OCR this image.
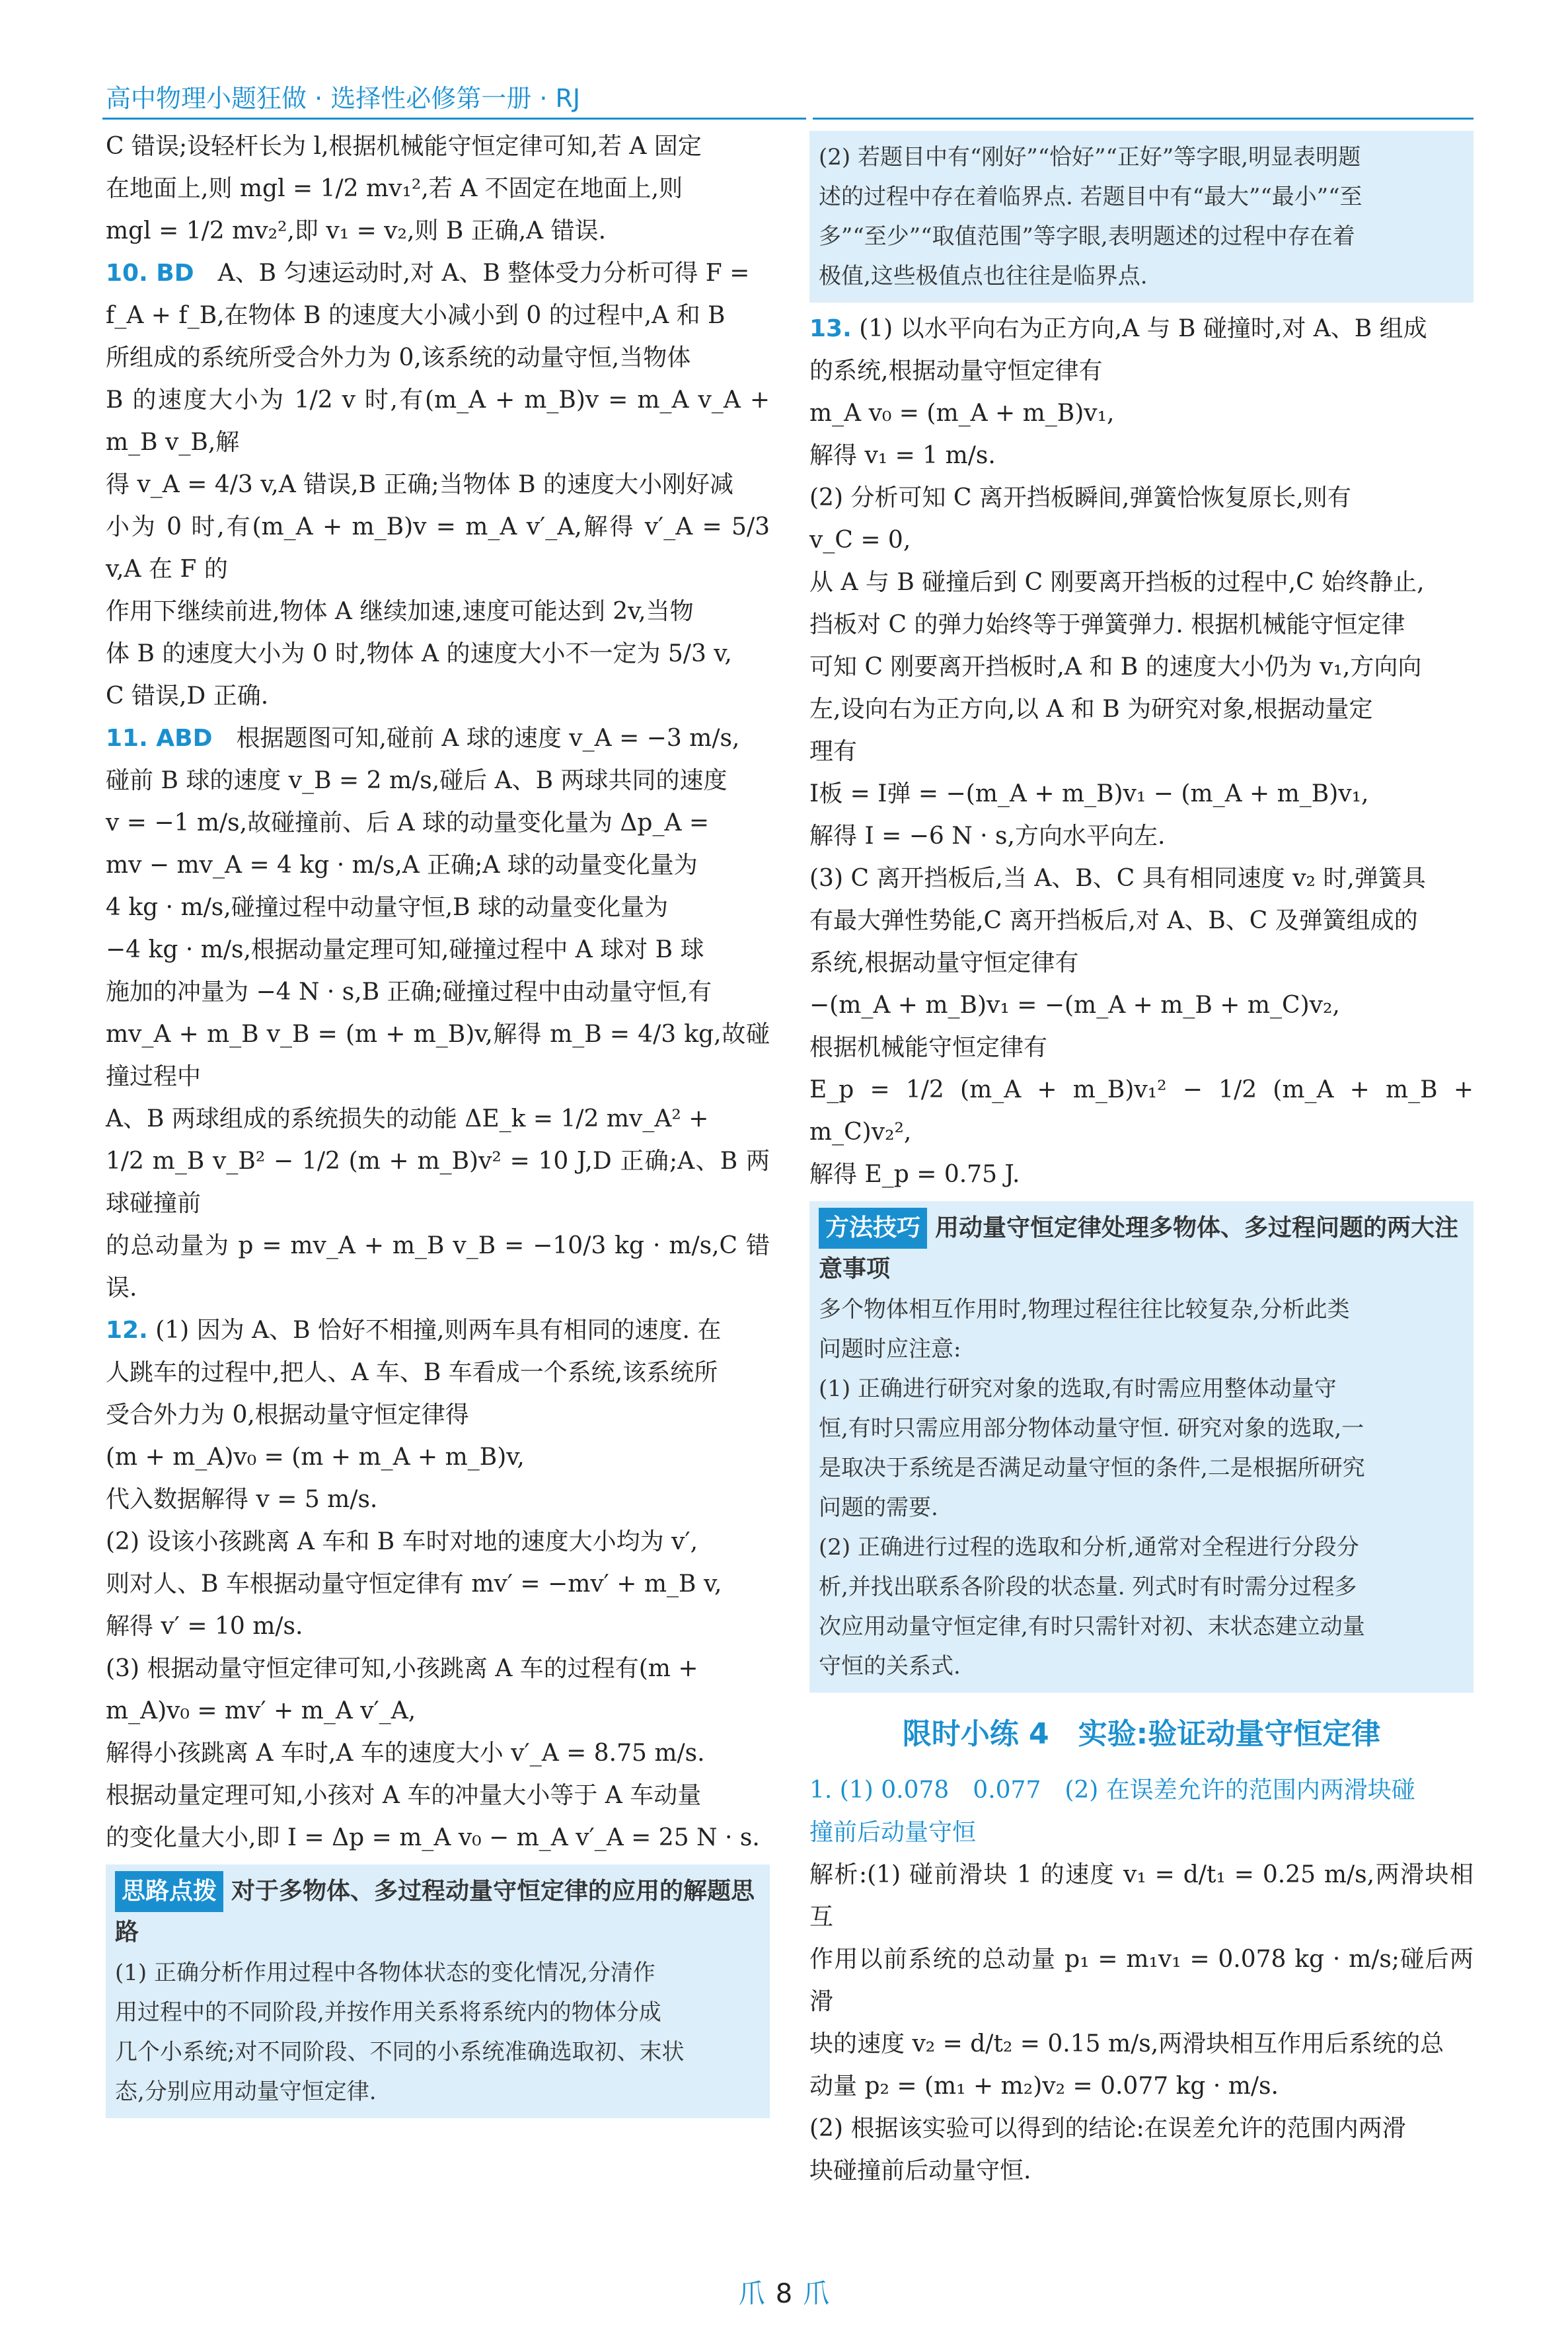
高中物理小题狂做 · 选择性必修第一册 · RJ

C 错误;设轻杆长为 l,根据机械能守恒定律可知,若 A 固定

在地面上,则 mgl = 1/2 mv₁²,若 A 不固定在地面上,则

mgl = 1/2 mv₂²,即 v₁ = v₂,则 B 正确,A 错误.

10. BD　 A、B 匀速运动时,对 A、B 整体受力分析可得 F =

f_A + f_B,在物体 B 的速度大小减小到 0 的过程中,A 和 B

所组成的系统所受合外力为 0,该系统的动量守恒,当物体

B 的速度大小为 1/2 v 时,有(m_A + m_B)v = m_A v_A + m_B v_B,解

得 v_A = 4/3 v,A 错误,B 正确;当物体 B 的速度大小刚好减

小为 0 时,有(m_A + m_B)v = m_A v′_A,解得 v′_A = 5/3 v,A 在 F 的

作用下继续前进,物体 A 继续加速,速度可能达到 2v,当物

体 B 的速度大小为 0 时,物体 A 的速度大小不一定为 5/3 v,

C 错误,D 正确.

11. ABD　 根据题图可知,碰前 A 球的速度 v_A = −3 m/s,

碰前 B 球的速度 v_B = 2 m/s,碰后 A、B 两球共同的速度

v = −1 m/s,故碰撞前、后 A 球的动量变化量为 Δp_A =

mv − mv_A = 4 kg · m/s,A 正确;A 球的动量变化量为

4 kg · m/s,碰撞过程中动量守恒,B 球的动量变化量为

−4 kg · m/s,根据动量定理可知,碰撞过程中 A 球对 B 球

施加的冲量为 −4 N · s,B 正确;碰撞过程中由动量守恒,有

mv_A + m_B v_B = (m + m_B)v,解得 m_B = 4/3 kg,故碰撞过程中

A、B 两球组成的系统损失的动能 ΔE_k = 1/2 mv_A² +

1/2 m_B v_B² − 1/2 (m + m_B)v² = 10 J,D 正确;A、B 两球碰撞前

的总动量为 p = mv_A + m_B v_B = −10/3 kg · m/s,C 错误.

12. (1) 因为 A、B 恰好不相撞,则两车具有相同的速度. 在

人跳车的过程中,把人、A 车、B 车看成一个系统,该系统所

受合外力为 0,根据动量守恒定律得

(m + m_A)v₀ = (m + m_A + m_B)v,

代入数据解得 v = 5 m/s.

(2) 设该小孩跳离 A 车和 B 车时对地的速度大小均为 v′,

则对人、B 车根据动量守恒定律有 mv′ = −mv′ + m_B v,

解得 v′ = 10 m/s.

(3) 根据动量守恒定律可知,小孩跳离 A 车的过程有(m +

m_A)v₀ = mv′ + m_A v′_A,

解得小孩跳离 A 车时,A 车的速度大小 v′_A = 8.75 m/s.

根据动量定理可知,小孩对 A 车的冲量大小等于 A 车动量

的变化量大小,即 I = Δp = m_A v₀ − m_A v′_A = 25 N · s.

思路点拨 对于多物体、多过程动量守恒定律的应用的解题思路
(1) 正确分析作用过程中各物体状态的变化情况,分清作
用过程中的不同阶段,并按作用关系将系统内的物体分成
几个小系统;对不同阶段、不同的小系统准确选取初、末状
态,分别应用动量守恒定律.
(2) 若题目中有“刚好”“恰好”“正好”等字眼,明显表明题
述的过程中存在着临界点. 若题目中有“最大”“最小”“至
多”“至少”“取值范围”等字眼,表明题述的过程中存在着
极值,这些极值点也往往是临界点.

13. (1) 以水平向右为正方向,A 与 B 碰撞时,对 A、B 组成

的系统,根据动量守恒定律有

m_A v₀ = (m_A + m_B)v₁,

解得 v₁ = 1 m/s.

(2) 分析可知 C 离开挡板瞬间,弹簧恰恢复原长,则有

v_C = 0,

从 A 与 B 碰撞后到 C 刚要离开挡板的过程中,C 始终静止,

挡板对 C 的弹力始终等于弹簧弹力. 根据机械能守恒定律

可知 C 刚要离开挡板时,A 和 B 的速度大小仍为 v₁,方向向

左,设向右为正方向,以 A 和 B 为研究对象,根据动量定

理有

I板 = I弹 = −(m_A + m_B)v₁ − (m_A + m_B)v₁,

解得 I = −6 N · s,方向水平向左.

(3) C 离开挡板后,当 A、B、C 具有相同速度 v₂ 时,弹簧具

有最大弹性势能,C 离开挡板后,对 A、B、C 及弹簧组成的

系统,根据动量守恒定律有

−(m_A + m_B)v₁ = −(m_A + m_B + m_C)v₂,

根据机械能守恒定律有

E_p = 1/2 (m_A + m_B)v₁² − 1/2 (m_A + m_B + m_C)v₂²,

解得 E_p = 0.75 J.

方法技巧 用动量守恒定律处理多物体、多过程问题的两大注意事项
多个物体相互作用时,物理过程往往比较复杂,分析此类
问题时应注意:
(1) 正确进行研究对象的选取,有时需应用整体动量守
恒,有时只需应用部分物体动量守恒. 研究对象的选取,一
是取决于系统是否满足动量守恒的条件,二是根据所研究
问题的需要.
(2) 正确进行过程的选取和分析,通常对全程进行分段分
析,并找出联系各阶段的状态量. 列式时有时需分过程多
次应用动量守恒定律,有时只需针对初、末状态建立动量
守恒的关系式.
限时小练 4　实验:验证动量守恒定律

1. (1) 0.078　0.077　(2) 在误差允许的范围内两滑块碰

撞前后动量守恒

解析:(1) 碰前滑块 1 的速度 v₁ = d/t₁ = 0.25 m/s,两滑块相互

作用以前系统的总动量 p₁ = m₁v₁ = 0.078 kg · m/s;碰后两滑

块的速度 v₂ = d/t₂ = 0.15 m/s,两滑块相互作用后系统的总

动量 p₂ = (m₁ + m₂)v₂ = 0.077 kg · m/s.

(2) 根据该实验可以得到的结论:在误差允许的范围内两滑

块碰撞前后动量守恒.

爪 8 爪
